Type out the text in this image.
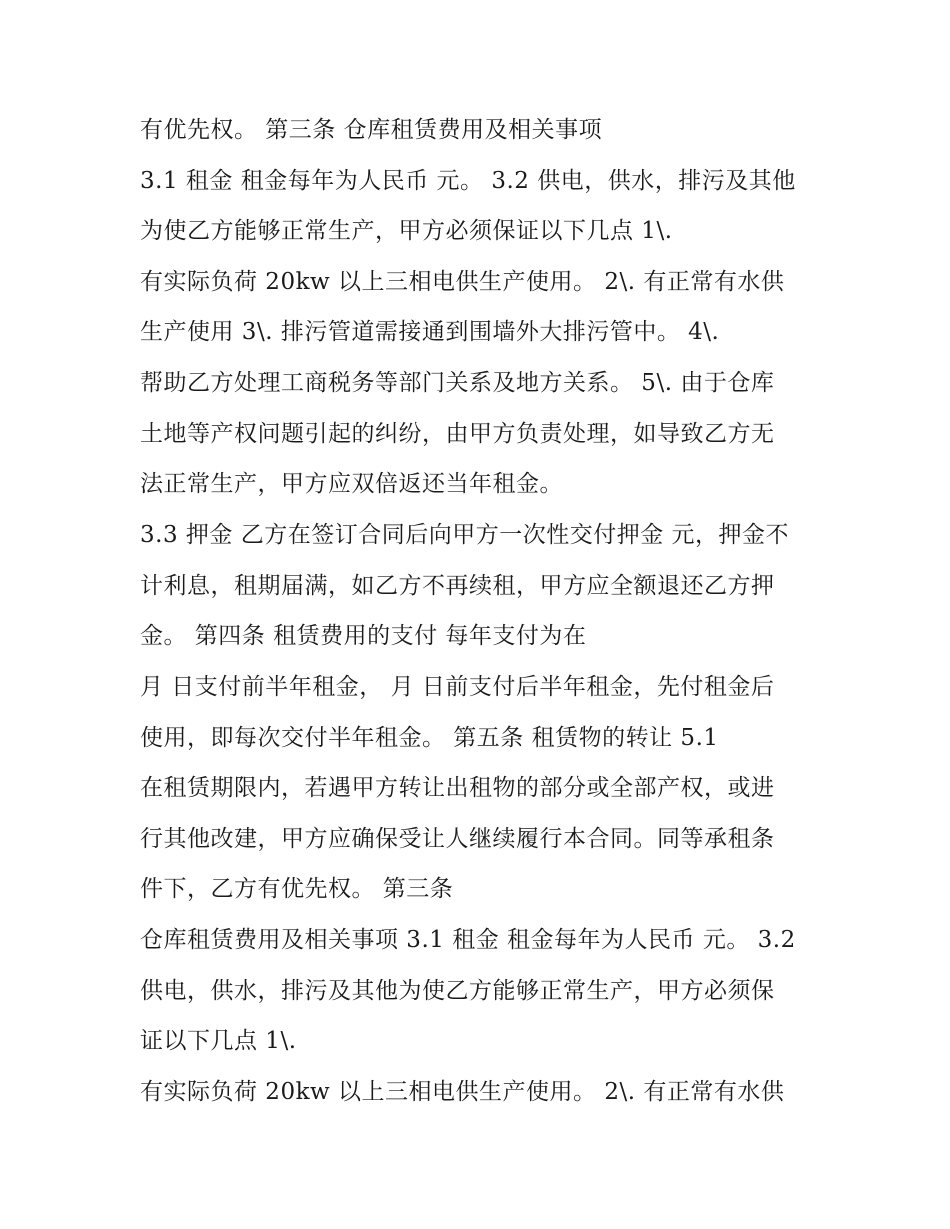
有优先权。 第三条 仓库租赁费用及相关事项
3.1 租金 租金每年为人民币 元。 3.2 供电，供水，排污及其他
为使乙方能够正常生产，甲方必须保证以下几点 1\.
有实际负荷 20kw 以上三相电供生产使用。 2\. 有正常有水供
生产使用 3\. 排污管道需接通到围墙外大排污管中。 4\.
帮助乙方处理工商税务等部门关系及地方关系。 5\. 由于仓库
土地等产权问题引起的纠纷，由甲方负责处理，如导致乙方无
法正常生产，甲方应双倍返还当年租金。
3.3 押金 乙方在签订合同后向甲方一次性交付押金 元，押金不
计利息，租期届满，如乙方不再续租，甲方应全额退还乙方押
金。 第四条 租赁费用的支付 每年支付为在
月 日支付前半年租金， 月 日前支付后半年租金，先付租金后
使用，即每次交付半年租金。 第五条 租赁物的转让 5.1
在租赁期限内，若遇甲方转让出租物的部分或全部产权，或进
行其他改建，甲方应确保受让人继续履行本合同。同等承租条
件下，乙方有优先权。 第三条
仓库租赁费用及相关事项 3.1 租金 租金每年为人民币 元。 3.2
供电，供水，排污及其他为使乙方能够正常生产，甲方必须保
证以下几点 1\.
有实际负荷 20kw 以上三相电供生产使用。 2\. 有正常有水供
